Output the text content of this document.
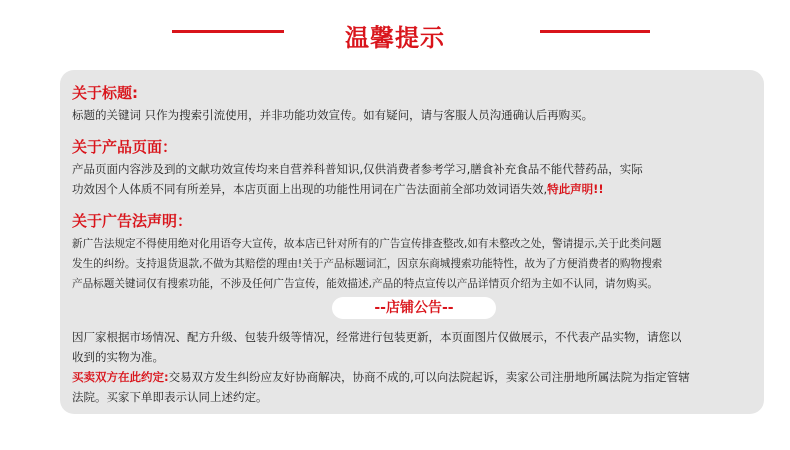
温馨提示
关于标题:
标题的关键词 只作为搜索引流使用，并非功能功效宣传。如有疑问，请与客服人员沟通确认后再购买。
关于产品页面：
产品页面内容涉及到的文献功效宣传均来自营养科普知识,仅供消费者参考学习,膳食补充食品不能代替药品，实际
功效因个人体质不同有所差异，本店页面上出现的功能性用词在广告法面前全部功效词语失效,特此声明!!
关于广告法声明：
新广告法规定不得使用绝对化用语夸大宣传，故本店已针对所有的广告宣传排查整改,如有未整改之处，警请提示,关于此类问题
发生的纠纷。支持退货退款,不做为其赔偿的理由!关于产品标题词汇，因京东商城搜索功能特性，故为了方便消费者的购物搜索
产品标题关键词仅有搜索功能，不涉及任何广告宣传，能效描述,产品的特点宣传以产品详情页介绍为主如不认同，请勿购买。
--店铺公告--
因厂家根据市场情况、配方升级、包装升级等情况，经常进行包装更新，本页面图片仅做展示，不代表产品实物，请您以
收到的实物为准。
买卖双方在此约定:交易双方发生纠纷应友好协商解决，协商不成的,可以向法院起诉，卖家公司注册地所属法院为指定管辖
法院。买家下单即表示认同上述约定。
